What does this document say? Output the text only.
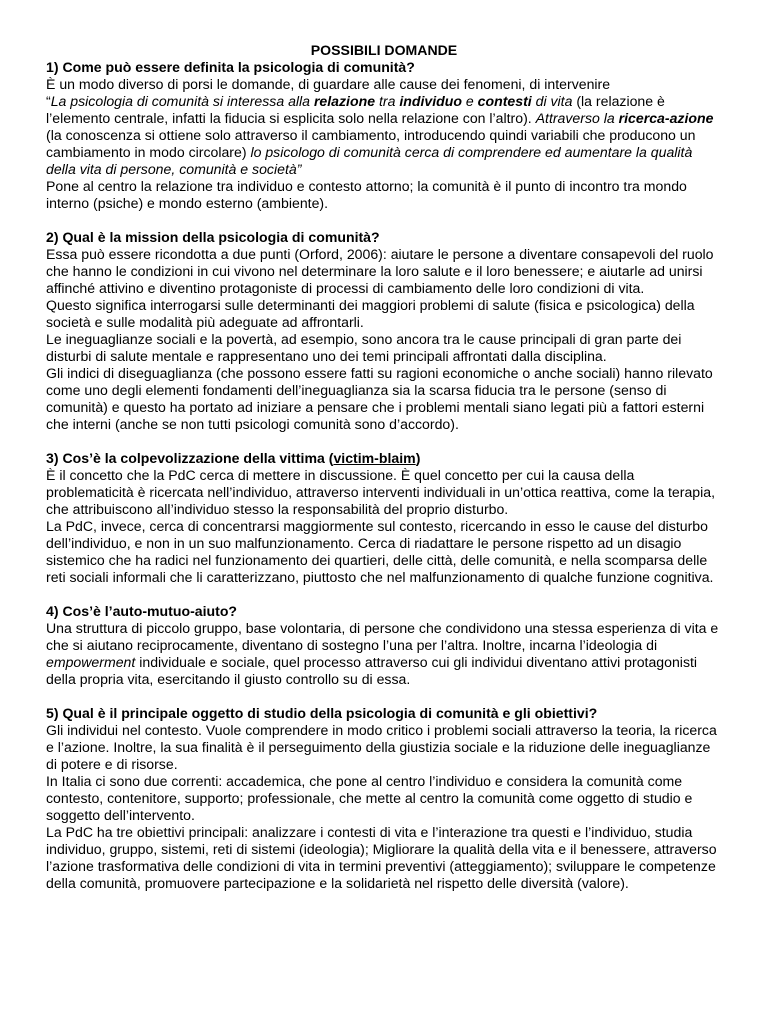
POSSIBILI DOMANDE

1) Come può essere definita la psicologia di comunità?

È un modo diverso di porsi le domande, di guardare alle cause dei fenomeni, di intervenire

“La psicologia di comunità si interessa alla relazione tra individuo e contesti di vita (la relazione è l’elemento centrale, infatti la fiducia si esplicita solo nella relazione con l’altro). Attraverso la ricerca-azione (la conoscenza si ottiene solo attraverso il cambiamento, introducendo quindi variabili che producono un cambiamento in modo circolare) lo psicologo di comunità cerca di comprendere ed aumentare la qualità della vita di persone, comunità e società”

Pone al centro la relazione tra individuo e contesto attorno; la comunità è il punto di incontro tra mondo interno (psiche) e mondo esterno (ambiente).

2) Qual è la mission della psicologia di comunità?

Essa può essere ricondotta a due punti (Orford, 2006): aiutare le persone a diventare consapevoli del ruolo che hanno le condizioni in cui vivono nel determinare la loro salute e il loro benessere; e aiutarle ad unirsi affinché attivino e diventino protagoniste di processi di cambiamento delle loro condizioni di vita.

Questo significa interrogarsi sulle determinanti dei maggiori problemi di salute (fisica e psicologica) della società e sulle modalità più adeguate ad affrontarli.

Le ineguaglianze sociali e la povertà, ad esempio, sono ancora tra le cause principali di gran parte dei disturbi di salute mentale e rappresentano uno dei temi principali affrontati dalla disciplina.

Gli indici di diseguaglianza (che possono essere fatti su ragioni economiche o anche sociali) hanno rilevato come uno degli elementi fondamenti dell’ineguaglianza sia la scarsa fiducia tra le persone (senso di comunità) e questo ha portato ad iniziare a pensare che i problemi mentali siano legati più a fattori esterni che interni (anche se non tutti psicologi comunità sono d’accordo).

3) Cos’è la colpevolizzazione della vittima (victim-blaim)

È il concetto che la PdC cerca di mettere in discussione. È quel concetto per cui la causa della problematicità è ricercata nell’individuo, attraverso interventi individuali in un’ottica reattiva, come la terapia, che attribuiscono all’individuo stesso la responsabilità del proprio disturbo.

La PdC, invece, cerca di concentrarsi maggiormente sul contesto, ricercando in esso le cause del disturbo dell’individuo, e non in un suo malfunzionamento. Cerca di riadattare le persone rispetto ad un disagio sistemico che ha radici nel funzionamento dei quartieri, delle città, delle comunità, e nella scomparsa delle reti sociali informali che li caratterizzano, piuttosto che nel malfunzionamento di qualche funzione cognitiva.

4) Cos’è l’auto-mutuo-aiuto?

Una struttura di piccolo gruppo, base volontaria, di persone che condividono una stessa esperienza di vita e che si aiutano reciprocamente, diventano di sostegno l’una per l’altra. Inoltre, incarna l’ideologia di empowerment individuale e sociale, quel processo attraverso cui gli individui diventano attivi protagonisti della propria vita, esercitando il giusto controllo su di essa.

5) Qual è il principale oggetto di studio della psicologia di comunità e gli obiettivi?

Gli individui nel contesto. Vuole comprendere in modo critico i problemi sociali attraverso la teoria, la ricerca e l’azione. Inoltre, la sua finalità è il perseguimento della giustizia sociale e la riduzione delle ineguaglianze di potere e di risorse.

In Italia ci sono due correnti: accademica, che pone al centro l’individuo e considera la comunità come contesto, contenitore, supporto; professionale, che mette al centro la comunità come oggetto di studio e soggetto dell’intervento.

La PdC ha tre obiettivi principali: analizzare i contesti di vita e l’interazione tra questi e l’individuo, studia individuo, gruppo, sistemi, reti di sistemi (ideologia); Migliorare la qualità della vita e il benessere, attraverso l’azione trasformativa delle condizioni di vita in termini preventivi (atteggiamento); sviluppare le competenze della comunità, promuovere partecipazione e la solidarietà nel rispetto delle diversità (valore).
